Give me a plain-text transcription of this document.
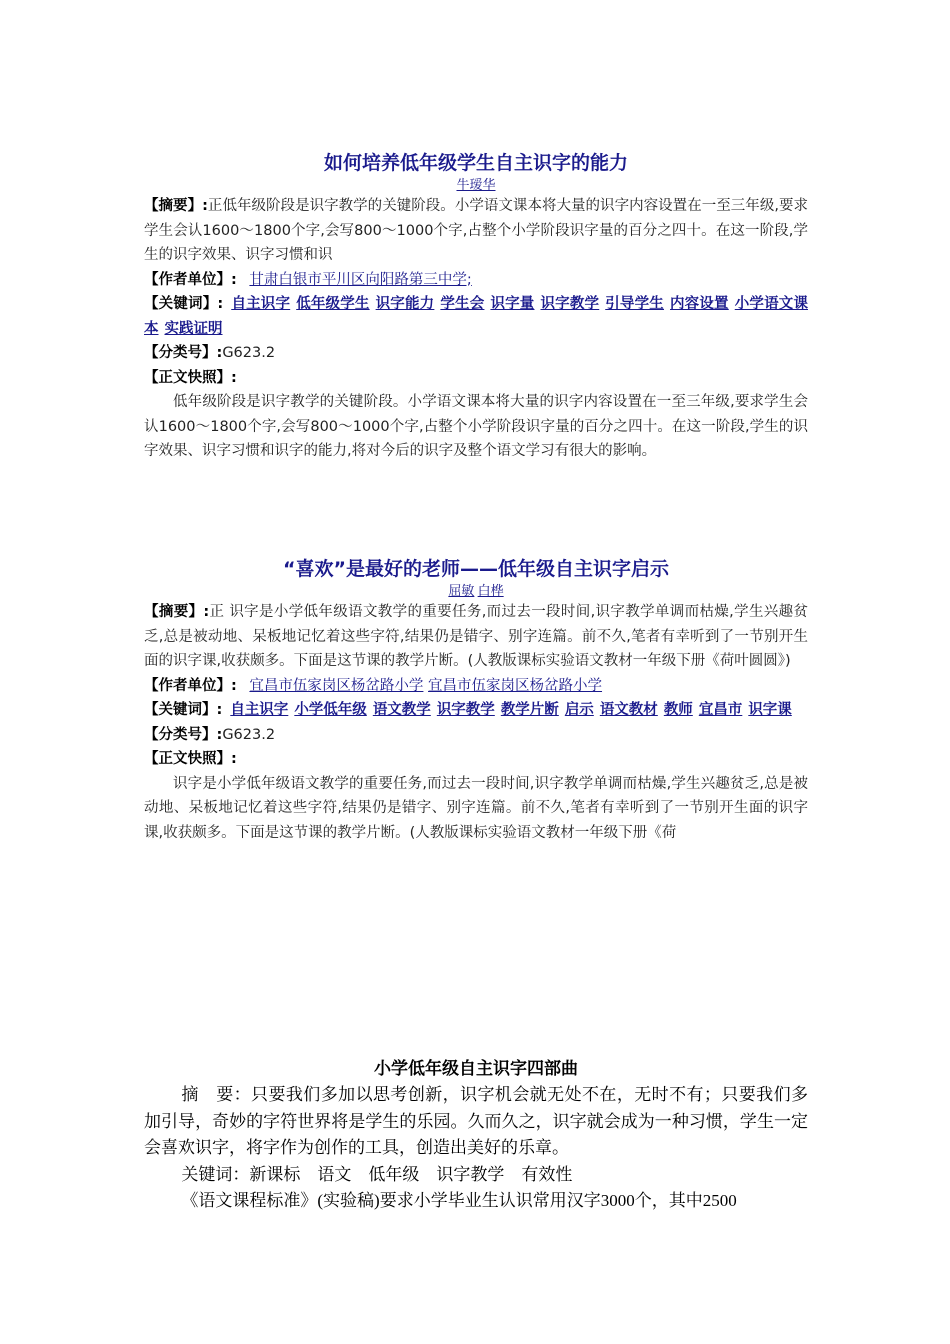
如何培养低年级学生自主识字的能力

牛瑷华

【摘要】:正低年级阶段是识字教学的关键阶段。小学语文课本将大量的识字内容设置在一至三年级,要求学生会认1600～1800个字,会写800～1000个字,占整个小学阶段识字量的百分之四十。在这一阶段,学生的识字效果、识字习惯和识

【作者单位】: 甘肃白银市平川区向阳路第三中学;

【关键词】: 自主识字 低年级学生 识字能力 学生会 识字量 识字教学 引导学生 内容设置 小学语文课本 实践证明

【分类号】:G623.2

【正文快照】:

低年级阶段是识字教学的关键阶段。小学语文课本将大量的识字内容设置在一至三年级,要求学生会认1600～1800个字,会写800～1000个字,占整个小学阶段识字量的百分之四十。在这一阶段,学生的识字效果、识字习惯和识字的能力,将对今后的识字及整个语文学习有很大的影响。

“喜欢”是最好的老师——低年级自主识字启示

屈敏 白桦

【摘要】:正 识字是小学低年级语文教学的重要任务,而过去一段时间,识字教学单调而枯燥,学生兴趣贫乏,总是被动地、呆板地记忆着这些字符,结果仍是错字、别字连篇。前不久,笔者有幸听到了一节别开生面的识字课,收获颇多。下面是这节课的教学片断。(人教版课标实验语文教材一年级下册《荷叶圆圆》)

【作者单位】: 宜昌市伍家岗区杨岔路小学 宜昌市伍家岗区杨岔路小学

【关键词】: 自主识字 小学低年级 语文教学 识字教学 教学片断 启示 语文教材 教师 宜昌市 识字课

【分类号】:G623.2

【正文快照】:

识字是小学低年级语文教学的重要任务,而过去一段时间,识字教学单调而枯燥,学生兴趣贫乏,总是被动地、呆板地记忆着这些字符,结果仍是错字、别字连篇。前不久,笔者有幸听到了一节别开生面的识字课,收获颇多。下面是这节课的教学片断。(人教版课标实验语文教材一年级下册《荷

小学低年级自主识字四部曲

摘　要：只要我们多加以思考创新，识字机会就无处不在，无时不有；只要我们多加引导，奇妙的字符世界将是学生的乐园。久而久之，识字就会成为一种习惯，学生一定会喜欢识字，将字作为创作的工具，创造出美好的乐章。

关键词：新课标　语文　低年级　识字教学　有效性

《语文课程标准》(实验稿)要求小学毕业生认识常用汉字3000个，其中2500
